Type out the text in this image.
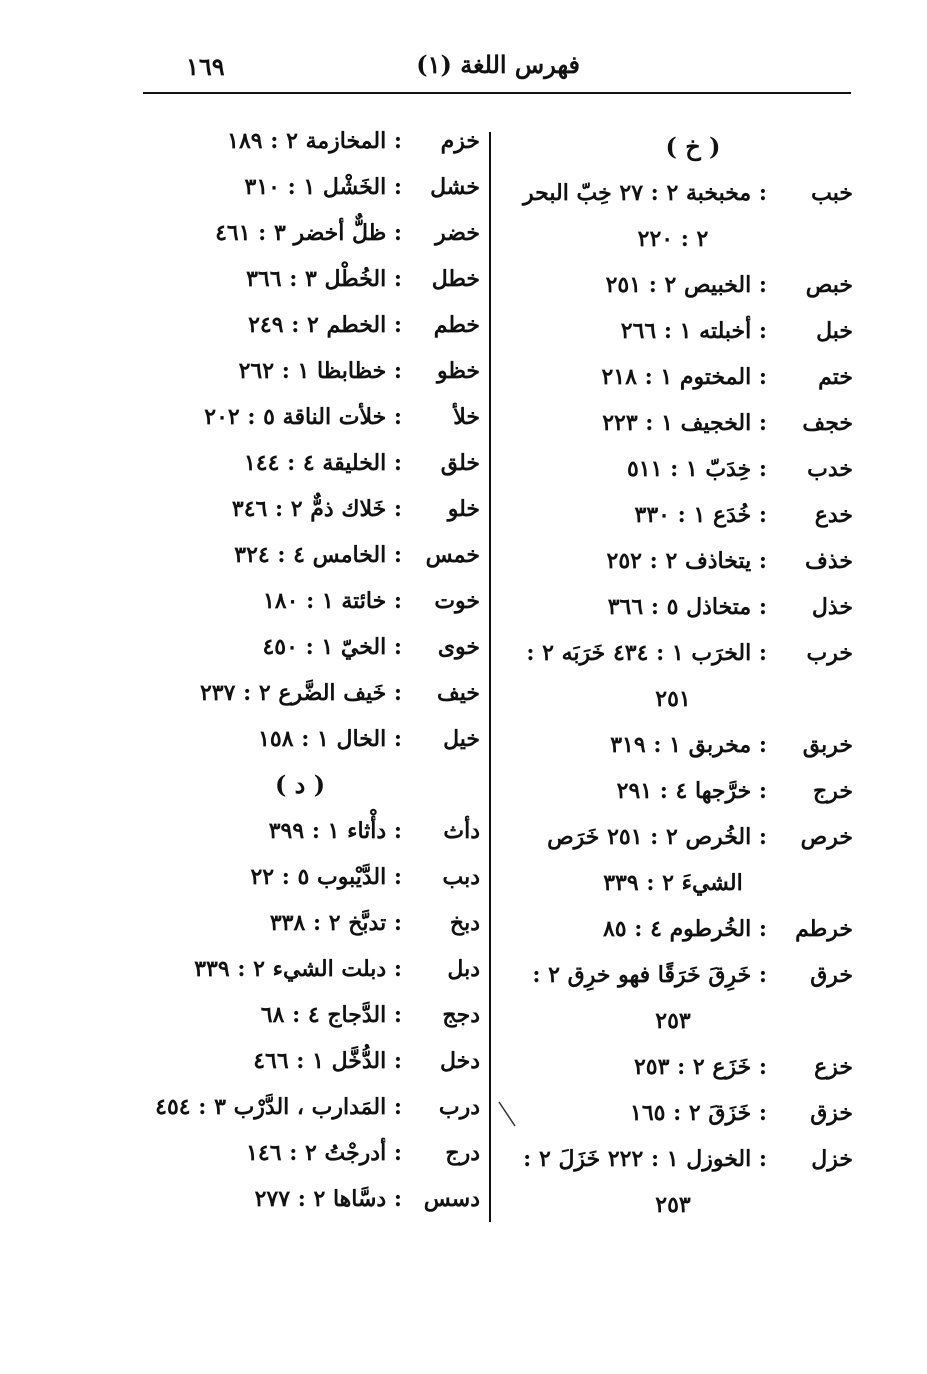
١٦٩	فهرس اللغة (١)
( خ )
خبب
: مخبخبة ٢ : ٢٧ خِبّ البحر
٢ : ٢٢٠
خبص
: الخبيص ٢ : ٢٥١
خبل
: أخبلته ١ : ٢٦٦
ختم
: المختوم ١ : ٢١٨
خجف
: الخجيف ١ : ٢٢٣
خدب
: خِدَبّ ١ : ٥١١
خدع
: خُدَع ١ : ٣٣٠
خذف
: يتخاذف ٢ : ٢٥٢
خذل
: متخاذل ٥ : ٣٦٦
خرب
: الخرَب ١ : ٤٣٤ خَرَبَه ٢ :
٢٥١
خربق
: مخربق ١ : ٣١٩
خرج
: خرَّجها ٤ : ٢٩١
خرص
: الخُرص ٢ : ٢٥١ خَرَص
الشيءَ ٢ : ٣٣٩
خرطم
: الخُرطوم ٤ : ٨٥
خرق
: خَرِقَ خَرَقًا فهو خرِق ٢ :
٢٥٣
خزع
: خَزَع ٢ : ٢٥٣
خزق
: خَزَقَ ٢ : ١٦٥
خزل
: الخوزل ١ : ٢٢٢ خَزَلَ ٢ :
٢٥٣
خزم
: المخازمة ٢ : ١٨٩
خشل
: الخَشْل ١ : ٣١٠
خضر
: ظلٌّ أخضر ٣ : ٤٦١
خطل
: الخُطْل ٣ : ٣٦٦
خطم
: الخطم ٢ : ٢٤٩
خظو
: خظابظا ١ : ٢٦٢
خلأ
: خلأت الناقة ٥ : ٢٠٢
خلق
: الخليقة ٤ : ١٤٤
خلو
: خَلاك ذمٌّ ٢ : ٣٤٦
خمس
: الخامس ٤ : ٣٢٤
خوت
: خائتة ١ : ١٨٠
خوى
: الخيّ ١ : ٤٥٠
خيف
: خَيف الضَّرع ٢ : ٢٣٧
خيل
: الخال ١ : ١٥٨
( د )
دأث
: دأْثاء ١ : ٣٩٩
دبب
: الدَّيْبوب ٥ : ٢٢
دبخ
: تدبَّخ ٢ : ٣٣٨
دبل
: دبلت الشيء ٢ : ٣٣٩
دجج
: الدَّجاج ٤ : ٦٨
دخل
: الدُّخَّل ١ : ٤٦٦
درب
: المَدارب ، الدَّرْب ٣ : ٤٥٤
درج
: أدرجْتُ ٢ : ١٤٦
دسس
: دسَّاها ٢ : ٢٧٧
